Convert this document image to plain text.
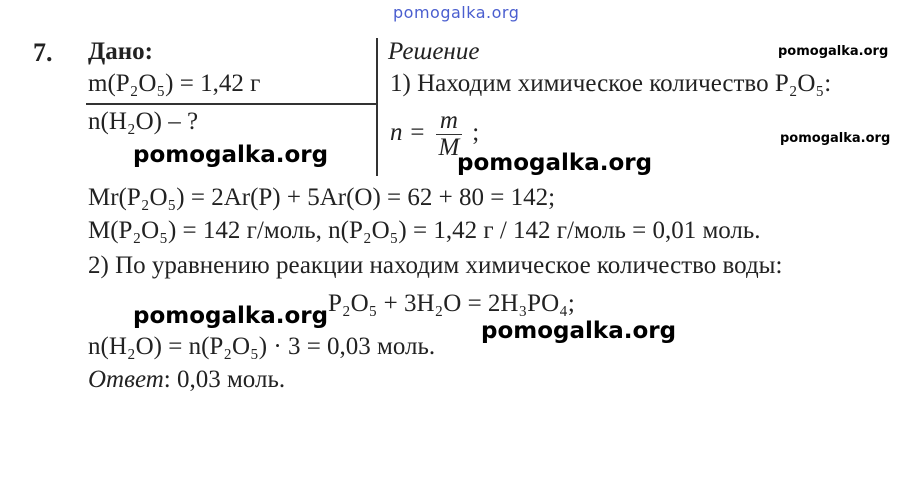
pomogalka.org
pomogalka.org
pomogalka.org
7. Дано:	Решение
m(P₂O₅) = 1,42 г
n(H₂O) – ?
1) Находим химическое количество P₂O₅:
$n = \frac{m}{M}$ ;
Mr(P₂O₅) = 2Ar(P) + 5Ar(O) = 62 + 80 = 142;
M(P₂O₅) = 142 г/моль, n(P₂O₅) = 1,42 г / 142 г/моль = 0,01 моль.
2) По уравнению реакции находим химическое количество воды:
P₂O₅ + 3H₂O = 2H₃PO₄;
n(H₂O) = n(P₂O₅) · 3 = 0,03 моль.
Ответ: 0,03 моль.
pomogalka.org	pomogalka.org
pomogalka.org
pomogalka.org
